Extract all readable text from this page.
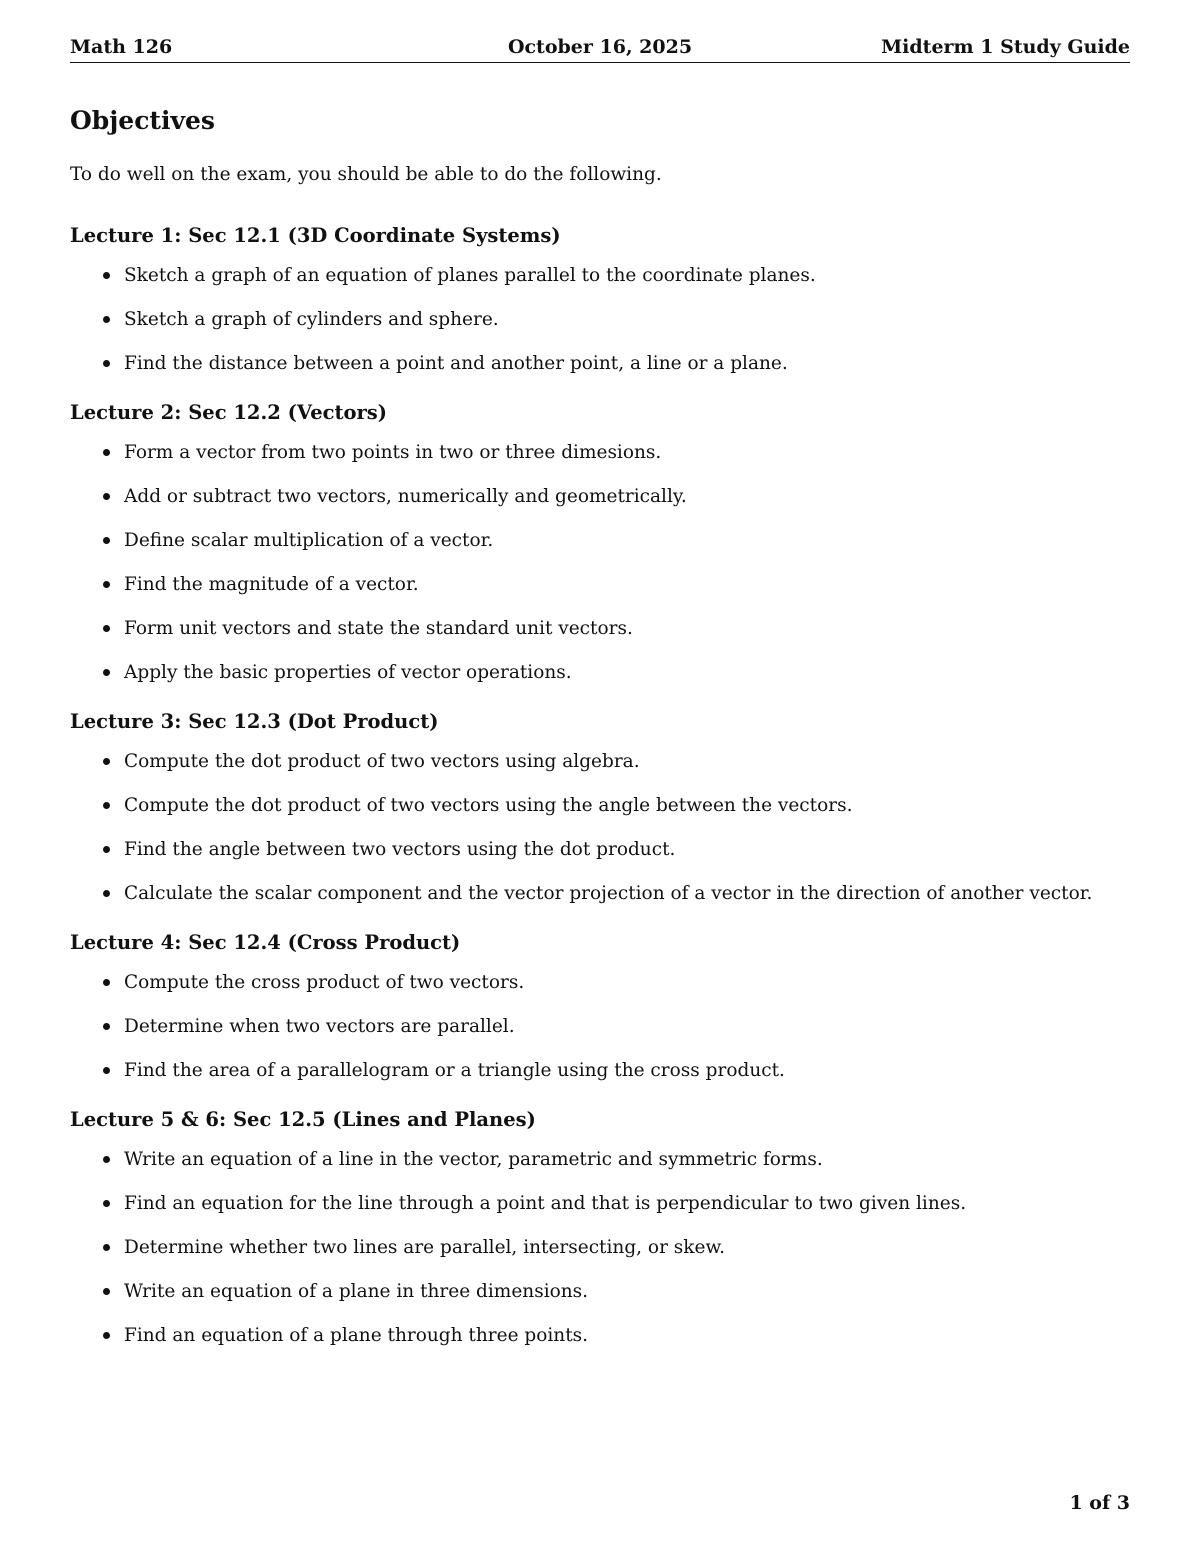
Math 126	October 16, 2025	Midterm 1 Study Guide
Objectives

To do well on the exam, you should be able to do the following.

Lecture 1: Sec 12.1 (3D Coordinate Systems)
Sketch a graph of an equation of planes parallel to the coordinate planes.
Sketch a graph of cylinders and sphere.
Find the distance between a point and another point, a line or a plane.
Lecture 2: Sec 12.2 (Vectors)
Form a vector from two points in two or three dimesions.
Add or subtract two vectors, numerically and geometrically.
Define scalar multiplication of a vector.
Find the magnitude of a vector.
Form unit vectors and state the standard unit vectors.
Apply the basic properties of vector operations.
Lecture 3: Sec 12.3 (Dot Product)
Compute the dot product of two vectors using algebra.
Compute the dot product of two vectors using the angle between the vectors.
Find the angle between two vectors using the dot product.
Calculate the scalar component and the vector projection of a vector in the direction of another vector.
Lecture 4: Sec 12.4 (Cross Product)
Compute the cross product of two vectors.
Determine when two vectors are parallel.
Find the area of a parallelogram or a triangle using the cross product.
Lecture 5 & 6: Sec 12.5 (Lines and Planes)
Write an equation of a line in the vector, parametric and symmetric forms.
Find an equation for the line through a point and that is perpendicular to two given lines.
Determine whether two lines are parallel, intersecting, or skew.
Write an equation of a plane in three dimensions.
Find an equation of a plane through three points.
1 of 3
